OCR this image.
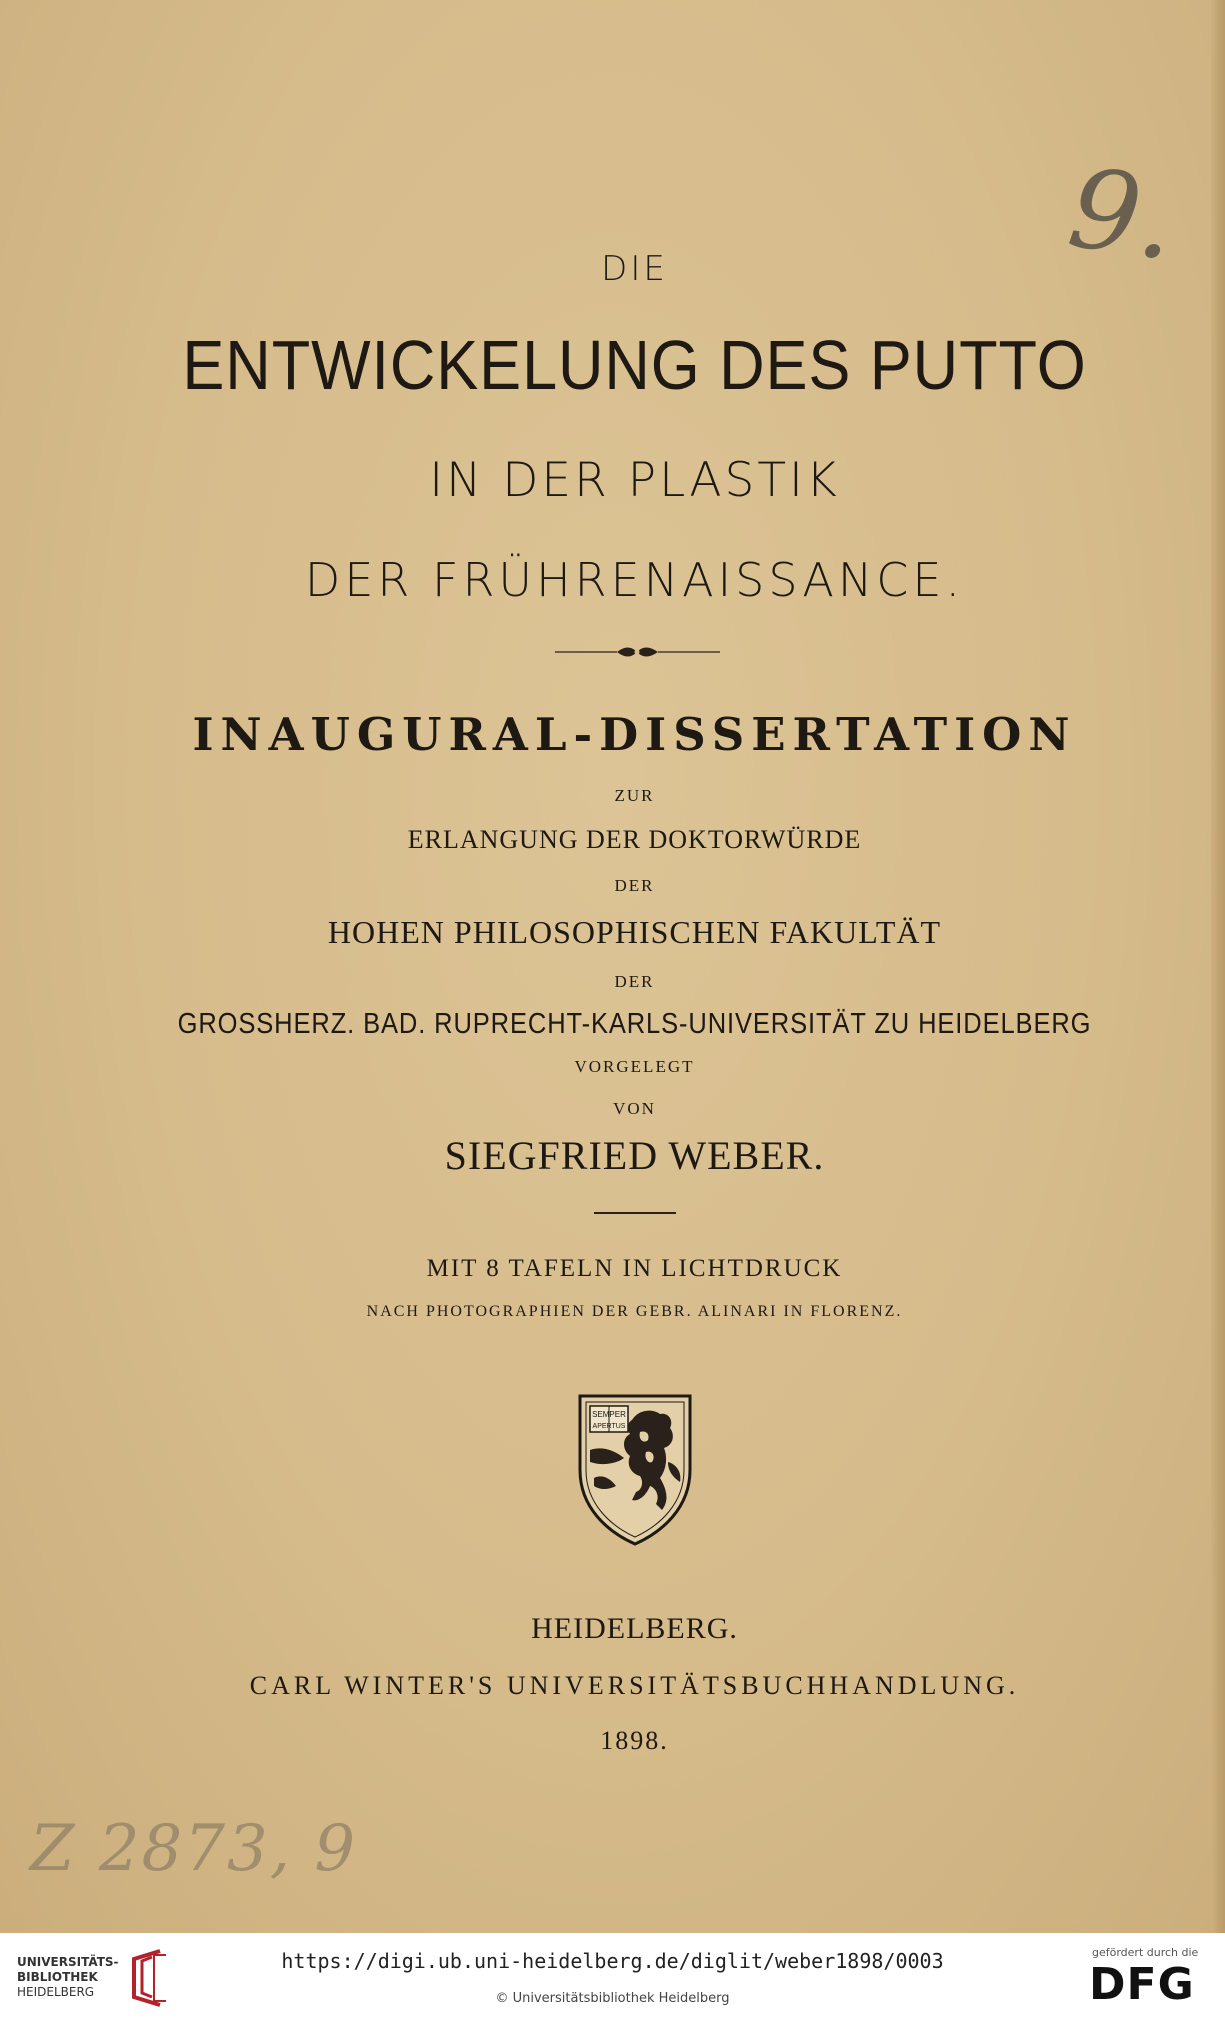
DIE
ENTWICKELUNG DES PUTTO
IN DER PLASTIK
DER FRÜHRENAISSANCE.
INAUGURAL-DISSERTATION
ZUR
ERLANGUNG DER DOKTORWÜRDE
DER
HOHEN PHILOSOPHISCHEN FAKULTÄT
DER
GROSSHERZ. BAD. RUPRECHT-KARLS-UNIVERSITÄT ZU HEIDELBERG
VORGELEGT
VON
SIEGFRIED WEBER.
MIT 8 TAFELN IN LICHTDRUCK
NACH PHOTOGRAPHIEN DER GEBR. ALINARI IN FLORENZ.
SEMPER
APERTUS
HEIDELBERG.
CARL WINTER'S UNIVERSITÄTSBUCHHANDLUNG.
1898.
9.
Z 2873, 9
UNIVERSITÄTS-
BIBLIOTHEK
HEIDELBERG
https://digi.ub.uni-heidelberg.de/diglit/weber1898/0003
© Universitätsbibliothek Heidelberg
gefördert durch die
DFG
